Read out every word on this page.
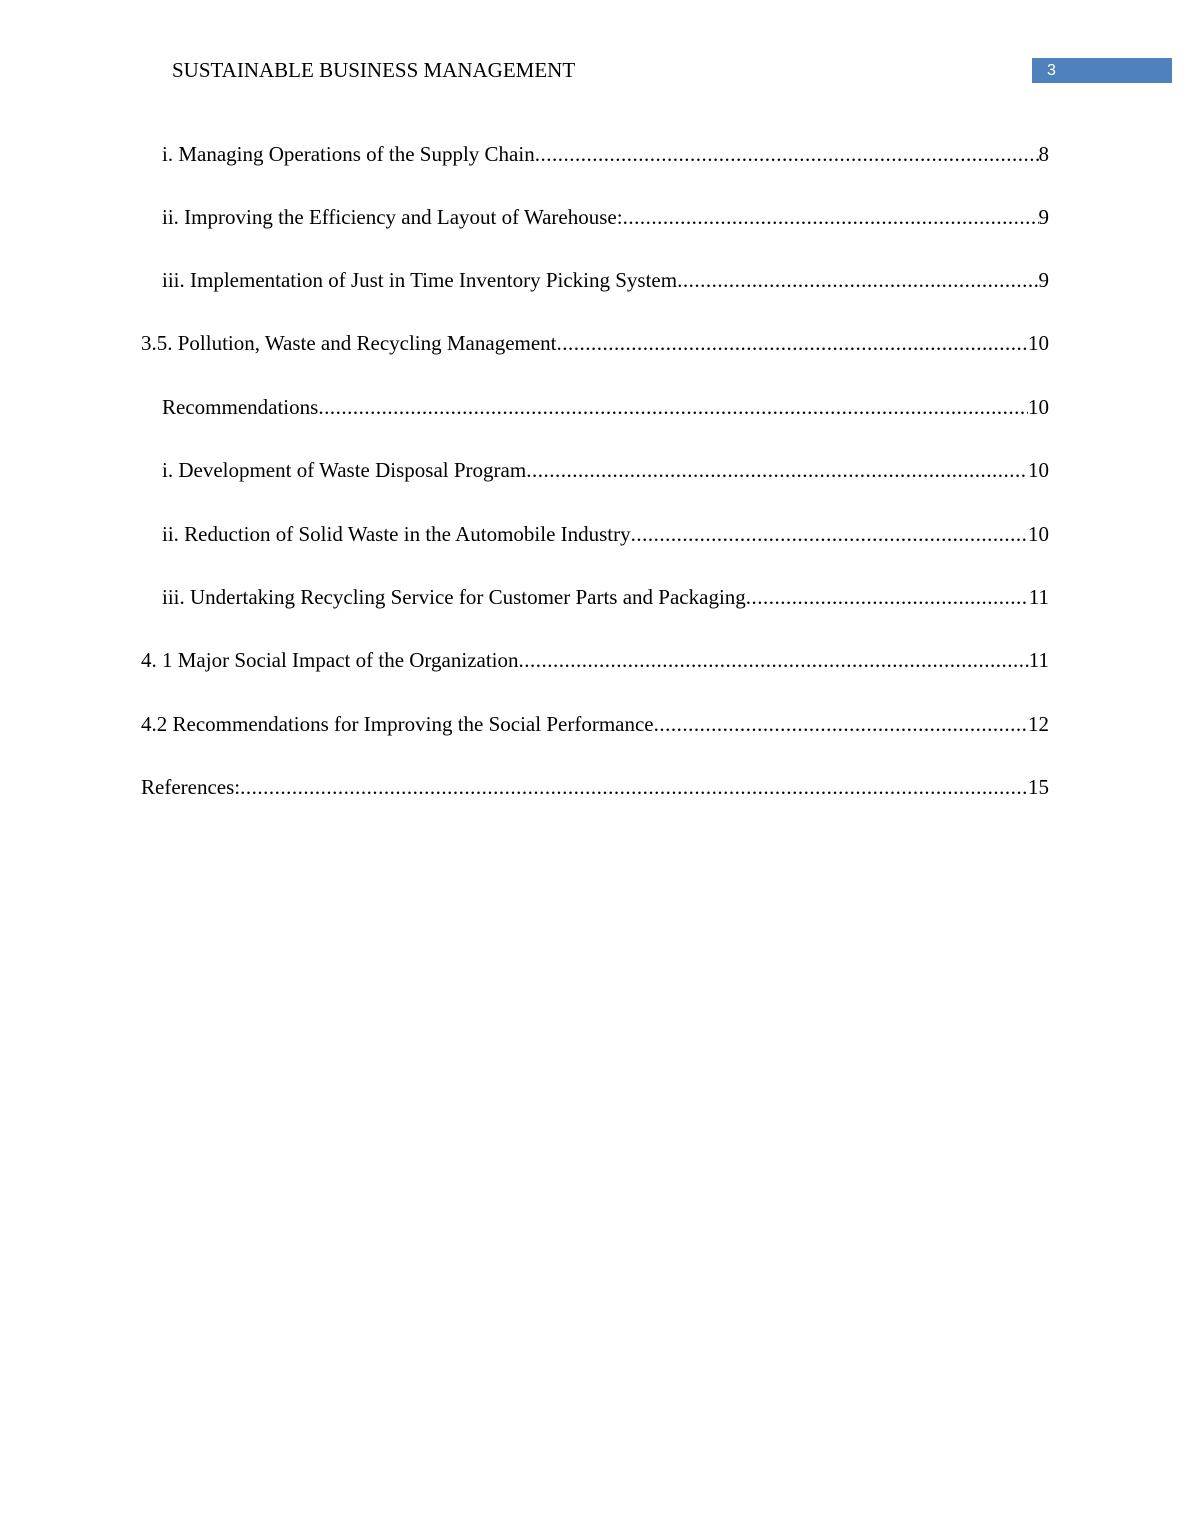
SUSTAINABLE BUSINESS MANAGEMENT	3
i. Managing Operations of the Supply Chain .....	8
ii. Improving the Efficiency and Layout of Warehouse: .....	9
iii. Implementation of Just in Time Inventory Picking System .....	9
3.5. Pollution, Waste and Recycling Management .....	10
Recommendations .....	10
i. Development of Waste Disposal Program .....	10
ii. Reduction of Solid Waste in the Automobile Industry .....	10
iii. Undertaking Recycling Service for Customer Parts and Packaging .....	11
4. 1 Major Social Impact of the Organization .....	11
4.2 Recommendations for Improving the Social Performance .....	12
References: .....	15
